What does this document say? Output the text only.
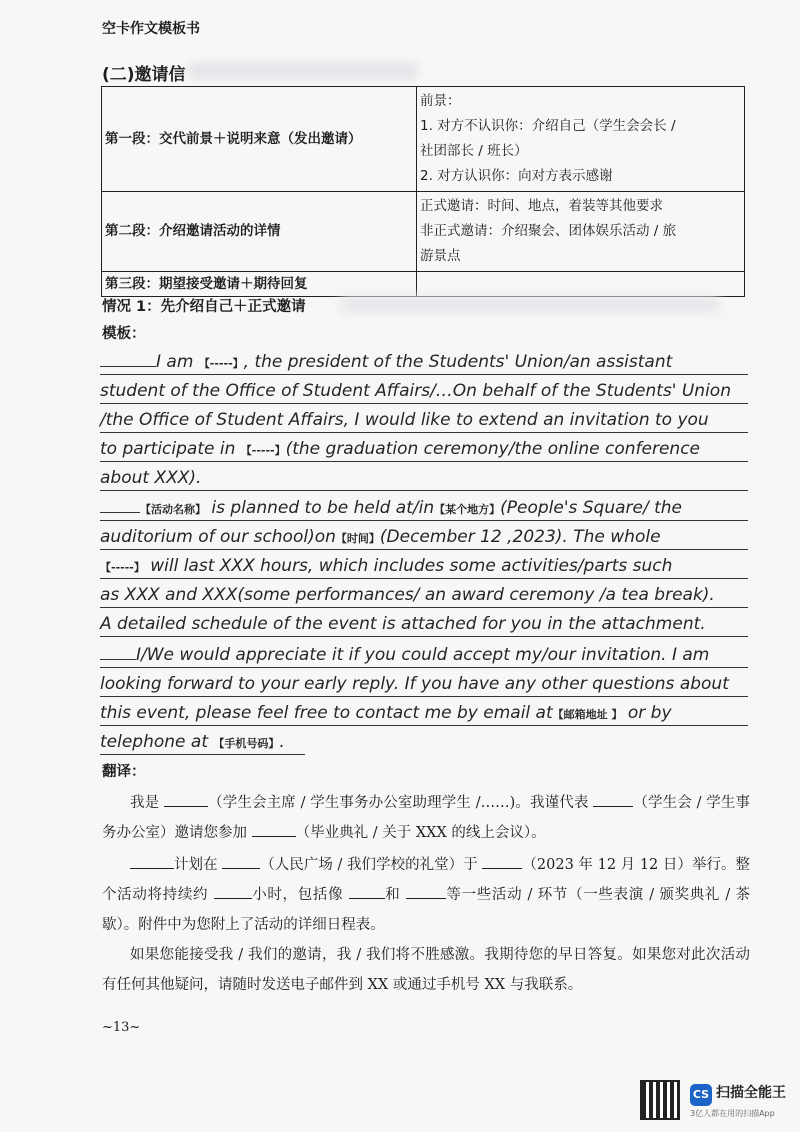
空卡作文模板书
(二)邀请信
第一段：交代前景＋说明来意（发出邀请）	前景：
1. 对方不认识你：介绍自己（学生会会长 /
社团部长 / 班长）
2. 对方认识你：向对方表示感谢

第二段：介绍邀请活动的详情	正式邀请：时间、地点，着装等其他要求
非正式邀请：介绍聚会、团体娱乐活动 / 旅
游景点

第三段：期望接受邀请＋期待回复	
情况 1：先介绍自己＋正式邀请
模板：
I am 【-----】, the president of the Students' Union/an assistant
student of the Office of Student Affairs/…On behalf of the Students' Union
/the Office of Student Affairs, I would like to extend an invitation to you
to participate in 【-----】(the graduation ceremony/the online conference
about XXX).
【活动名称】 is planned to be held at/in【某个地方】(People's Square/ the
auditorium of our school)on【时间】(December 12 ,2023). The whole
【-----】 will last XXX hours, which includes some activities/parts such
as XXX and XXX(some performances/ an award ceremony /a tea break).
A detailed schedule of the event is attached for you in the attachment.
I/We would appreciate it if you could accept my/our invitation. I am
looking forward to your early reply. If you have any other questions about
this event, please feel free to contact me by email at【邮箱地址 】 or by
telephone at 【手机号码】.
翻译：
我是	（学生会主席 / 学生事务办公室助理学生 /……)。我谨代表	（学生会 / 学生事务办公室）邀请您参加	（毕业典礼 / 关于 XXX 的线上会议）。
计划在	（人民广场 / 我们学校的礼堂）于	（2023 年 12 月 12 日）举行。整个活动将持续约	小时，包括像	和	等一些活动 / 环节（一些表演 / 颁奖典礼 / 茶歇）。附件中为您附上了活动的详细日程表。
如果您能接受我 / 我们的邀请，我 / 我们将不胜感激。我期待您的早日答复。如果您对此次活动有任何其他疑问，请随时发送电子邮件到 XX 或通过手机号 XX 与我联系。
~13~
CS 扫描全能王
3亿人都在用的扫描App
